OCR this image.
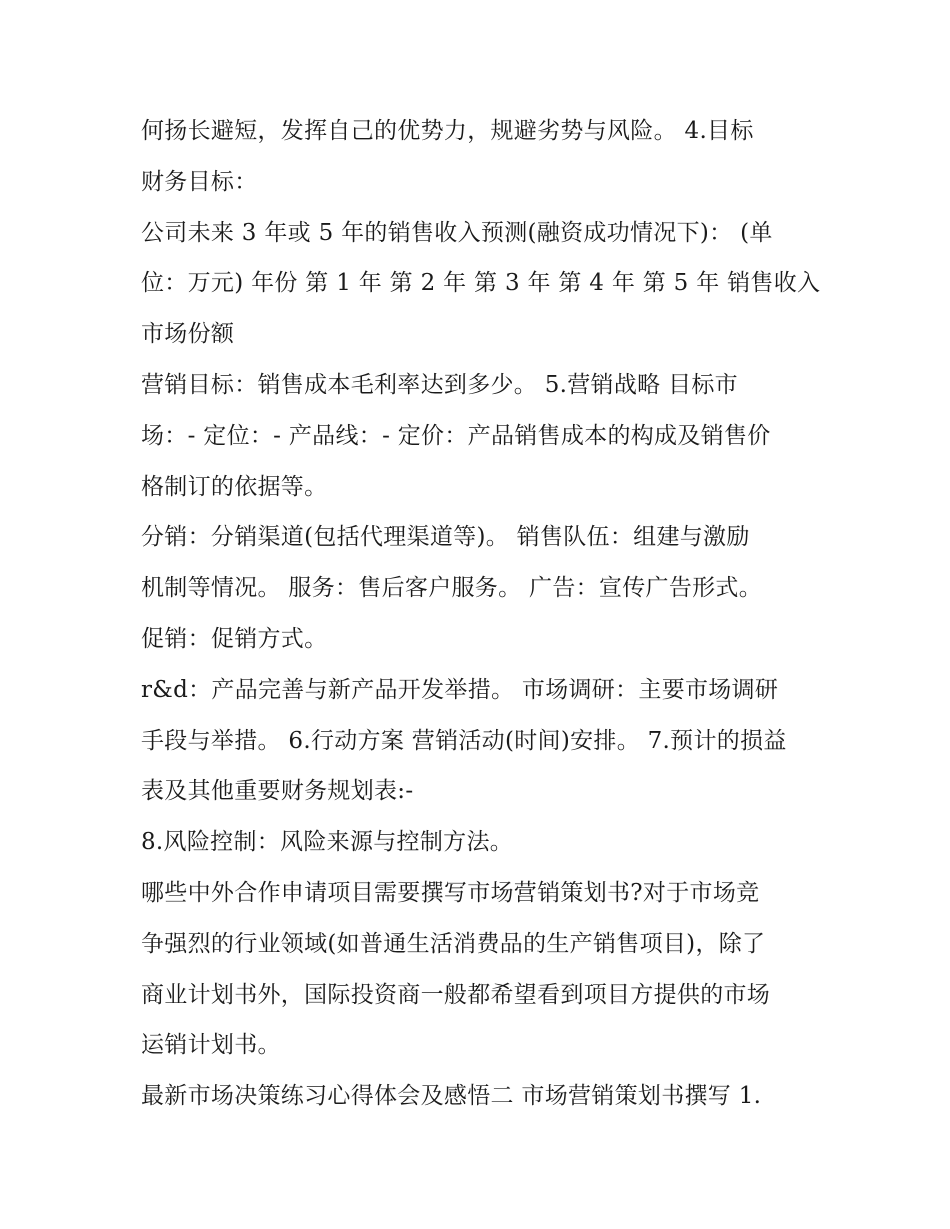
何扬长避短，发挥自己的优势力，规避劣势与风险。 4.目标
财务目标：
公司未来 3 年或 5 年的销售收入预测(融资成功情况下)： (单
位：万元) 年份 第 1 年 第 2 年 第 3 年 第 4 年 第 5 年 销售收入
市场份额
营销目标：销售成本毛利率达到多少。 5.营销战略 目标市
场：- 定位：- 产品线：- 定价：产品销售成本的构成及销售价
格制订的依据等。
分销：分销渠道(包括代理渠道等)。 销售队伍：组建与激励
机制等情况。 服务：售后客户服务。 广告：宣传广告形式。
促销：促销方式。
r&d：产品完善与新产品开发举措。 市场调研：主要市场调研
手段与举措。 6.行动方案 营销活动(时间)安排。 7.预计的损益
表及其他重要财务规划表:-
8.风险控制：风险来源与控制方法。
哪些中外合作申请项目需要撰写市场营销策划书?对于市场竞
争强烈的行业领域(如普通生活消费品的生产销售项目)，除了
商业计划书外，国际投资商一般都希望看到项目方提供的市场
运销计划书。
最新市场决策练习心得体会及感悟二 市场营销策划书撰写 1.
